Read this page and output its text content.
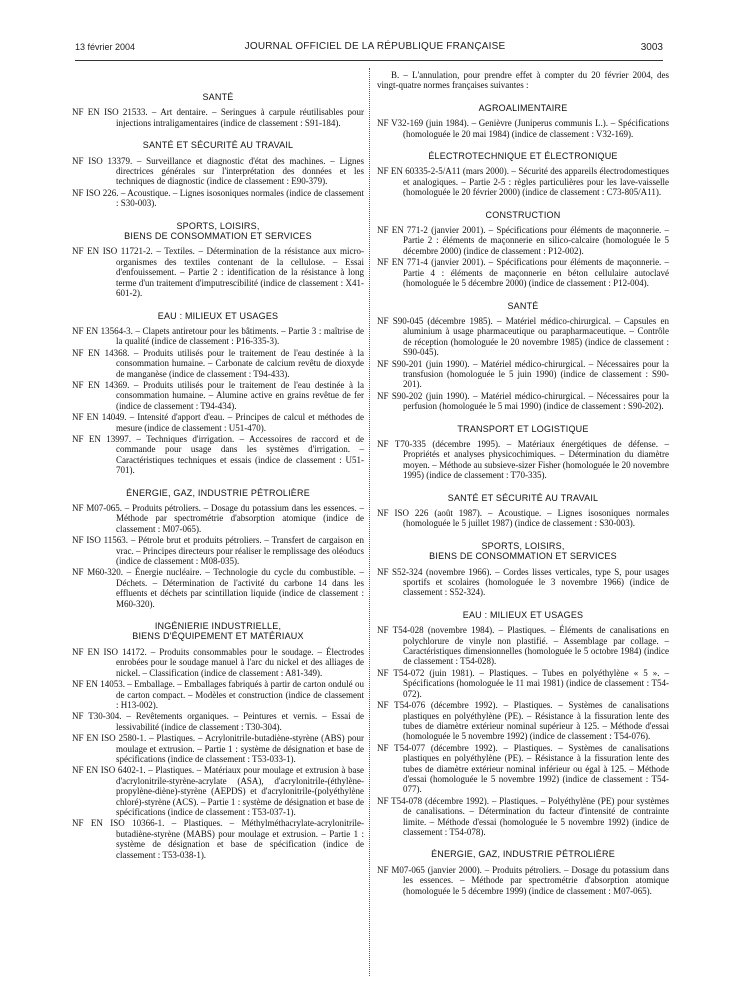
13 février 2004	JOURNAL OFFICIEL DE LA RÉPUBLIQUE FRANÇAISE	3003
SANTÉ

NF EN ISO 21533. – Art dentaire. – Seringues à carpule réutilisables pour injections intraligamentaires (indice de classement : S91-184).

SANTÉ ET SÉCURITÉ AU TRAVAIL

NF ISO 13379. – Surveillance et diagnostic d'état des machines. – Lignes directrices générales sur l'interprétation des données et les techniques de diagnostic (indice de classement : E90-379).

NF ISO 226. – Acoustique. – Lignes isosoniques normales (indice de classement : S30-003).

SPORTS, LOISIRS,
BIENS DE CONSOMMATION ET SERVICES

NF EN ISO 11721-2. – Textiles. – Détermination de la résistance aux micro-organismes des textiles contenant de la cellulose. – Essai d'enfouissement. – Partie 2 : identification de la résistance à long terme d'un traitement d'imputrescibilité (indice de classement : X41-601-2).

EAU : MILIEUX ET USAGES

NF EN 13564-3. – Clapets antiretour pour les bâtiments. – Partie 3 : maîtrise de la qualité (indice de classement : P16-335-3).

NF EN 14368. – Produits utilisés pour le traitement de l'eau destinée à la consommation humaine. – Carbonate de calcium revêtu de dioxyde de manganèse (indice de classement : T94-433).

NF EN 14369. – Produits utilisés pour le traitement de l'eau destinée à la consommation humaine. – Alumine active en grains revêtue de fer (indice de classement : T94-434).

NF EN 14049. – Intensité d'apport d'eau. – Principes de calcul et méthodes de mesure (indice de classement : U51-470).

NF EN 13997. – Techniques d'irrigation. – Accessoires de raccord et de commande pour usage dans les systèmes d'irrigation. – Caractéristiques techniques et essais (indice de classement : U51-701).

ÉNERGIE, GAZ, INDUSTRIE PÉTROLIÈRE

NF M07-065. – Produits pétroliers. – Dosage du potassium dans les essences. – Méthode par spectrométrie d'absorption atomique (indice de classement : M07-065).

NF ISO 11563. – Pétrole brut et produits pétroliers. – Transfert de cargaison en vrac. – Principes directeurs pour réaliser le remplissage des oléoducs (indice de classement : M08-035).

NF M60-320. – Énergie nucléaire. – Technologie du cycle du combustible. – Déchets. – Détermination de l'activité du carbone 14 dans les effluents et déchets par scintillation liquide (indice de classement : M60-320).

INGÉNIERIE INDUSTRIELLE,
BIENS D'ÉQUIPEMENT ET MATÉRIAUX

NF EN ISO 14172. – Produits consommables pour le soudage. – Électrodes enrobées pour le soudage manuel à l'arc du nickel et des alliages de nickel. – Classification (indice de classement : A81-349).

NF EN 14053. – Emballage. – Emballages fabriqués à partir de carton ondulé ou de carton compact. – Modèles et construction (indice de classement : H13-002).

NF T30-304. – Revêtements organiques. – Peintures et vernis. – Essai de lessivabilité (indice de classement : T30-304).

NF EN ISO 2580-1. – Plastiques. – Acrylonitrile-butadiène-styrène (ABS) pour moulage et extrusion. – Partie 1 : système de désignation et base de spécifications (indice de classement : T53-033-1).

NF EN ISO 6402-1. – Plastiques. – Matériaux pour moulage et extrusion à base d'acrylonitrile-styrène-acrylate (ASA), d'acrylonitrile-(éthylène-propylène-diène)-styrène (AEPDS) et d'acrylonitrile-(polyéthylène chloré)-styrène (ACS). – Partie 1 : système de désignation et base de spécifications (indice de classement : T53-037-1).

NF EN ISO 10366-1. – Plastiques. – Méthylméthacrylate-acrylonitrile-butadiène-styrène (MABS) pour moulage et extrusion. – Partie 1 : système de désignation et base de spécification (indice de classement : T53-038-1).

B. – L'annulation, pour prendre effet à compter du 20 février 2004, des vingt-quatre normes françaises suivantes :

AGROALIMENTAIRE

NF V32-169 (juin 1984). – Genièvre (Juniperus communis L.). – Spécifications (homologuée le 20 mai 1984) (indice de classement : V32-169).

ÉLECTROTECHNIQUE ET ÉLECTRONIQUE

NF EN 60335-2-5/A11 (mars 2000). – Sécurité des appareils électrodomestiques et analogiques. – Partie 2-5 : règles particulières pour les lave-vaisselle (homologuée le 20 février 2000) (indice de classement : C73-805/A11).

CONSTRUCTION

NF EN 771-2 (janvier 2001). – Spécifications pour éléments de maçonnerie. – Partie 2 : éléments de maçonnerie en silico-calcaire (homologuée le 5 décembre 2000) (indice de classement : P12-002).

NF EN 771-4 (janvier 2001). – Spécifications pour éléments de maçonnerie. – Partie 4 : éléments de maçonnerie en béton cellulaire autoclavé (homologuée le 5 décembre 2000) (indice de classement : P12-004).

SANTÉ

NF S90-045 (décembre 1985). – Matériel médico-chirurgical. – Capsules en aluminium à usage pharmaceutique ou parapharmaceutique. – Contrôle de réception (homologuée le 20 novembre 1985) (indice de classement : S90-045).

NF S90-201 (juin 1990). – Matériel médico-chirurgical. – Nécessaires pour la transfusion (homologuée le 5 juin 1990) (indice de classement : S90-201).

NF S90-202 (juin 1990). – Matériel médico-chirurgical. – Nécessaires pour la perfusion (homologuée le 5 mai 1990) (indice de classement : S90-202).

TRANSPORT ET LOGISTIQUE

NF T70-335 (décembre 1995). – Matériaux énergétiques de défense. – Propriétés et analyses physicochimiques. – Détermination du diamètre moyen. – Méthode au subsieve-sizer Fisher (homologuée le 20 novembre 1995) (indice de classement : T70-335).

SANTÉ ET SÉCURITÉ AU TRAVAIL

NF ISO 226 (août 1987). – Acoustique. – Lignes isosoniques normales (homologuée le 5 juillet 1987) (indice de classement : S30-003).

SPORTS, LOISIRS,
BIENS DE CONSOMMATION ET SERVICES

NF S52-324 (novembre 1966). – Cordes lisses verticales, type S, pour usages sportifs et scolaires (homologuée le 3 novembre 1966) (indice de classement : S52-324).

EAU : MILIEUX ET USAGES

NF T54-028 (novembre 1984). – Plastiques. – Éléments de canalisations en polychlorure de vinyle non plastifié. – Assemblage par collage. – Caractéristiques dimensionnelles (homologuée le 5 octobre 1984) (indice de classement : T54-028).

NF T54-072 (juin 1981). – Plastiques. – Tubes en polyéthylène « 5 ». – Spécifications (homologuée le 11 mai 1981) (indice de classement : T54-072).

NF T54-076 (décembre 1992). – Plastiques. – Systèmes de canalisations plastiques en polyéthylène (PE). – Résistance à la fissuration lente des tubes de diamètre extérieur nominal supérieur à 125. – Méthode d'essai (homologuée le 5 novembre 1992) (indice de classement : T54-076).

NF T54-077 (décembre 1992). – Plastiques. – Systèmes de canalisations plastiques en polyéthylène (PE). – Résistance à la fissuration lente des tubes de diamètre extérieur nominal inférieur ou égal à 125. – Méthode d'essai (homologuée le 5 novembre 1992) (indice de classement : T54-077).

NF T54-078 (décembre 1992). – Plastiques. – Polyéthylène (PE) pour systèmes de canalisations. – Détermination du facteur d'intensité de contrainte limite. – Méthode d'essai (homologuée le 5 novembre 1992) (indice de classement : T54-078).

ÉNERGIE, GAZ, INDUSTRIE PÉTROLIÈRE

NF M07-065 (janvier 2000). – Produits pétroliers. – Dosage du potassium dans les essences. – Méthode par spectrométrie d'absorption atomique (homologuée le 5 décembre 1999) (indice de classement : M07-065).
